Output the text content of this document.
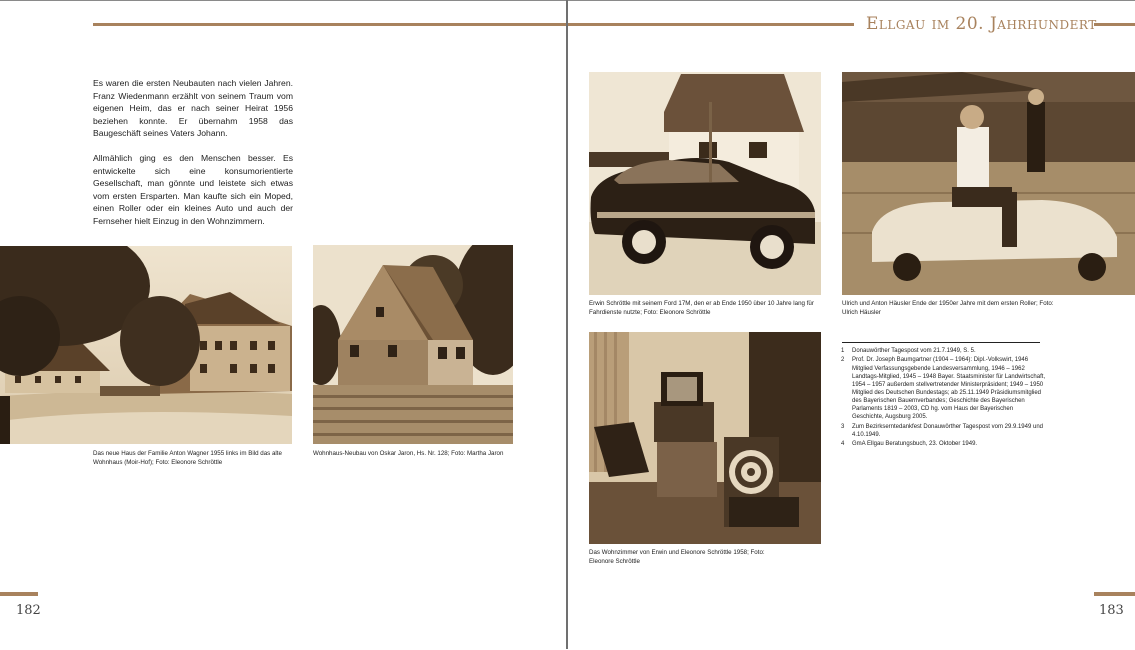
Ellgau im 20. Jahrhundert

Es waren die ersten Neubauten nach vielen Jahren. Franz Wiedenmann erzählt von seinem Traum vom eigenen Heim, das er nach seiner Heirat 1956 beziehen konnte. Er übernahm 1958 das Baugeschäft seines Vaters Johann.

Allmählich ging es den Menschen besser. Es entwickelte sich eine konsumorientierte Gesellschaft, man gönnte und leistete sich etwas vom ersten Ersparten. Man kaufte sich ein Moped, einen Roller oder ein kleines Auto und auch der Fernseher hielt Einzug in den Wohnzimmern.

Das neue Haus der Familie Anton Wagner 1955 links im Bild das alte Wohnhaus (Moir-Hof); Foto: Eleonore Schröttle
Wohnhaus-Neubau von Oskar Jaron, Hs. Nr. 128; Foto: Martha Jaron
Erwin Schröttle mit seinem Ford 17M, den er ab Ende 1950 über 10 Jahre lang für Fahrdienste nutzte; Foto: Eleonore Schröttle
Ulrich und Anton Häusler Ende der 1950er Jahre mit dem ersten Roller; Foto: Ulrich Häusler
Das Wohnzimmer von Erwin und Eleonore Schröttle 1958; Foto: Eleonore Schröttle
1	Donauwörther Tagespost vom 21.7.1949, S. 5.
2	Prof. Dr. Joseph Baumgartner (1904 – 1964): Dipl.-Volkswirt, 1946 Mitglied Verfassungsgebende Landesversammlung, 1946 – 1962 Landtags-Mitglied, 1945 – 1948 Bayer. Staatsminister für Landwirtschaft, 1954 – 1957 außerdem stellvertretender Ministerpräsident; 1949 – 1950 Mitglied des Deutschen Bundestags; ab 25.11.1949 Präsidiumsmitglied des Bayerischen Bauernverbandes; Geschichte des Bayerischen Parlaments 1819 – 2003, CD hg. vom Haus der Bayerischen Geschichte, Augsburg 2005.
3	Zum Bezirkserntedankfest Donauwörther Tagespost vom 29.9.1949 und 4.10.1949.
4	GmA Ellgau Beratungsbuch, 23. Oktober 1949.
182	183
